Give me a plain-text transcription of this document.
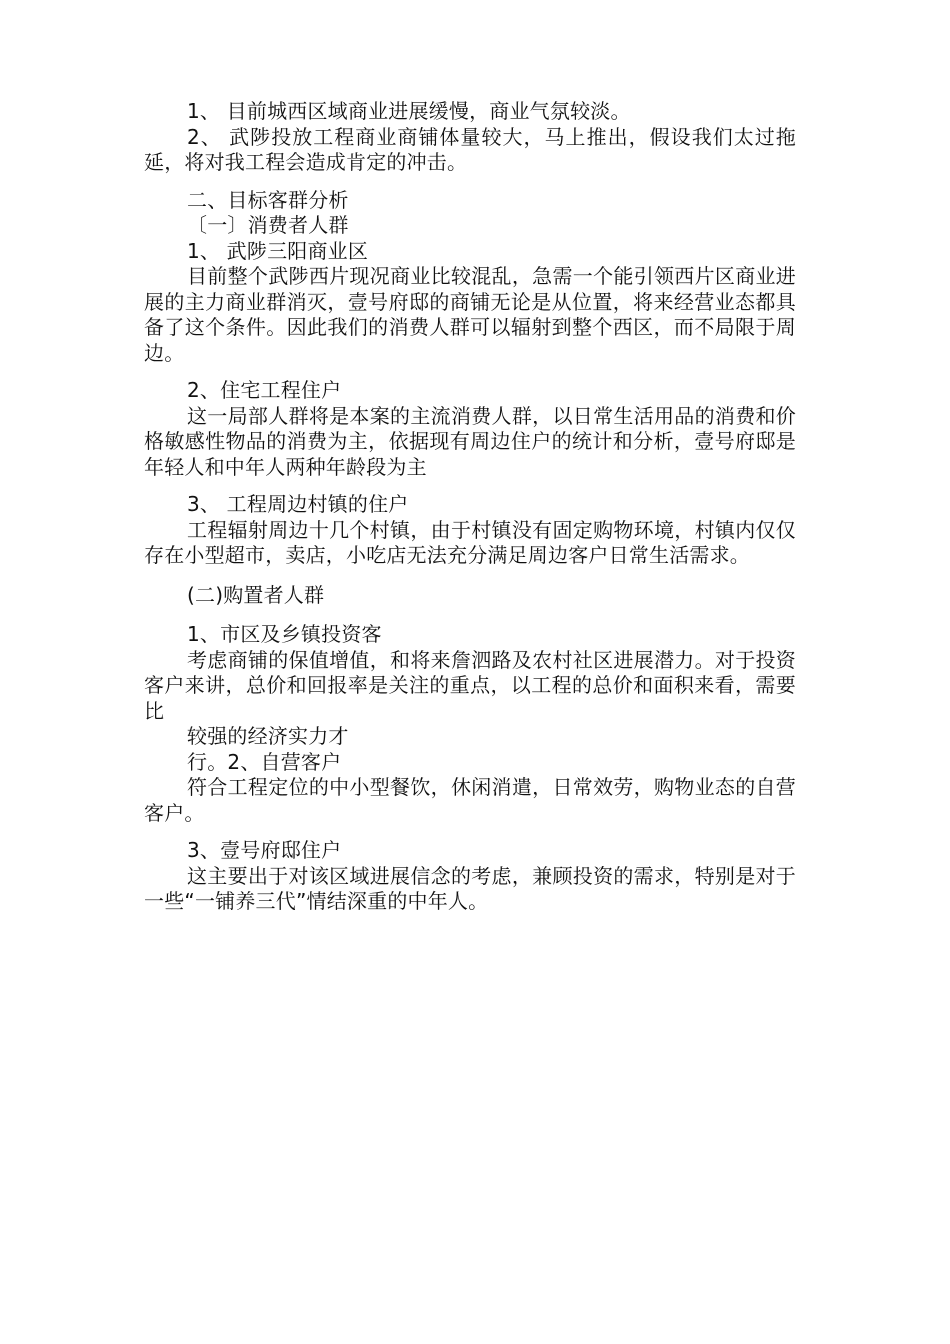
1、 目前城西区域商业进展缓慢，商业气氛较淡。

2、 武陟投放工程商业商铺体量较大，马上推出，假设我们太过拖延，将对我工程会造成肯定的冲击。

二、目标客群分析

〔一〕消费者人群

1、 武陟三阳商业区

目前整个武陟西片现况商业比较混乱，急需一个能引领西片区商业进展的主力商业群消灭，壹号府邸的商铺无论是从位置，将来经营业态都具备了这个条件。因此我们的消费人群可以辐射到整个西区，而不局限于周边。

2、住宅工程住户

这一局部人群将是本案的主流消费人群，以日常生活用品的消费和价格敏感性物品的消费为主，依据现有周边住户的统计和分析，壹号府邸是年轻人和中年人两种年龄段为主

3、 工程周边村镇的住户

工程辐射周边十几个村镇，由于村镇没有固定购物环境，村镇内仅仅存在小型超市，卖店，小吃店无法充分满足周边客户日常生活需求。

(二)购置者人群

1、市区及乡镇投资客

考虑商铺的保值增值，和将来詹泗路及农村社区进展潜力。对于投资客户来讲，总价和回报率是关注的重点，以工程的总价和面积来看，需要比

较强的经济实力才

行。2、自营客户

符合工程定位的中小型餐饮，休闲消遣，日常效劳，购物业态的自营客户。

3、壹号府邸住户

这主要出于对该区域进展信念的考虑，兼顾投资的需求，特别是对于一些“一铺养三代”情结深重的中年人。
